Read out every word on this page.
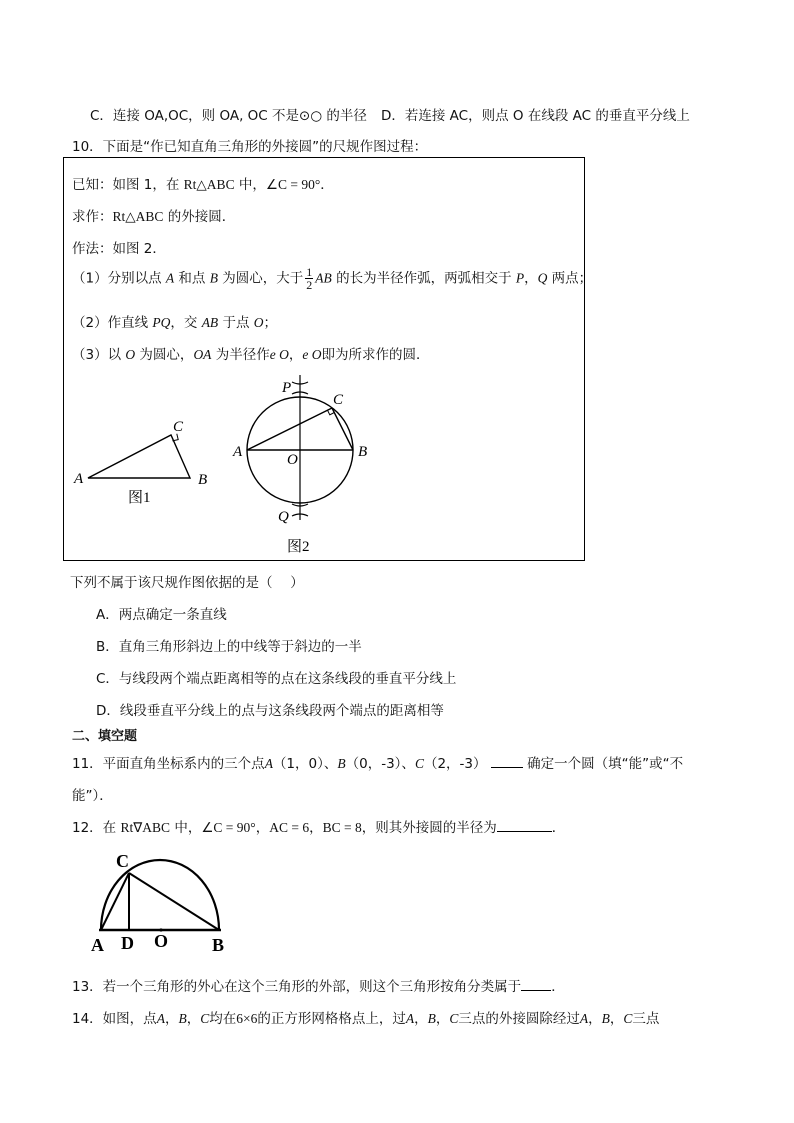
C．连接 OA,OC，则 OA, OC 不是⊙○ 的半径 D．若连接 AC，则点 O 在线段 AC 的垂直平分线上
10．下面是“作已知直角三角形的外接圆”的尺规作图过程：
已知：如图 1，在 Rt△ABC 中，∠C = 90°．
求作：Rt△ABC 的外接圆．
作法：如图 2．
（1）分别以点 A 和点 B 为圆心，大于 $\frac{1}{2}$ AB 的长为半径作弧，两弧相交于 P，Q 两点；
（2）作直线 PQ，交 AB 于点 O；
（3）以 O 为圆心，OA 为半径作e O，e O即为所求作的圆．
A	B
C
图1
P
C
A	O	B
Q
图2
C
A D O B
下列不属于该尺规作图依据的是（　 ）
A．两点确定一条直线
B．直角三角形斜边上的中线等于斜边的一半
C．与线段两个端点距离相等的点在这条线段的垂直平分线上
D．线段垂直平分线上的点与这条线段两个端点的距离相等
二、填空题
11．平面直角坐标系内的三个点A（1，0）、B（0，-3）、C（2，-3）	确定一个圆（填“能”或“不
能”）．
12．在 Rt∇ABC 中，∠C = 90°，AC = 6，BC = 8，则其外接圆的半径为	．
13．若一个三角形的外心在这个三角形的外部，则这个三角形按角分类属于 ．
14．如图，点A，B，C均在6×6的正方形网格格点上，过A，B，C三点的外接圆除经过A，B，C三点
